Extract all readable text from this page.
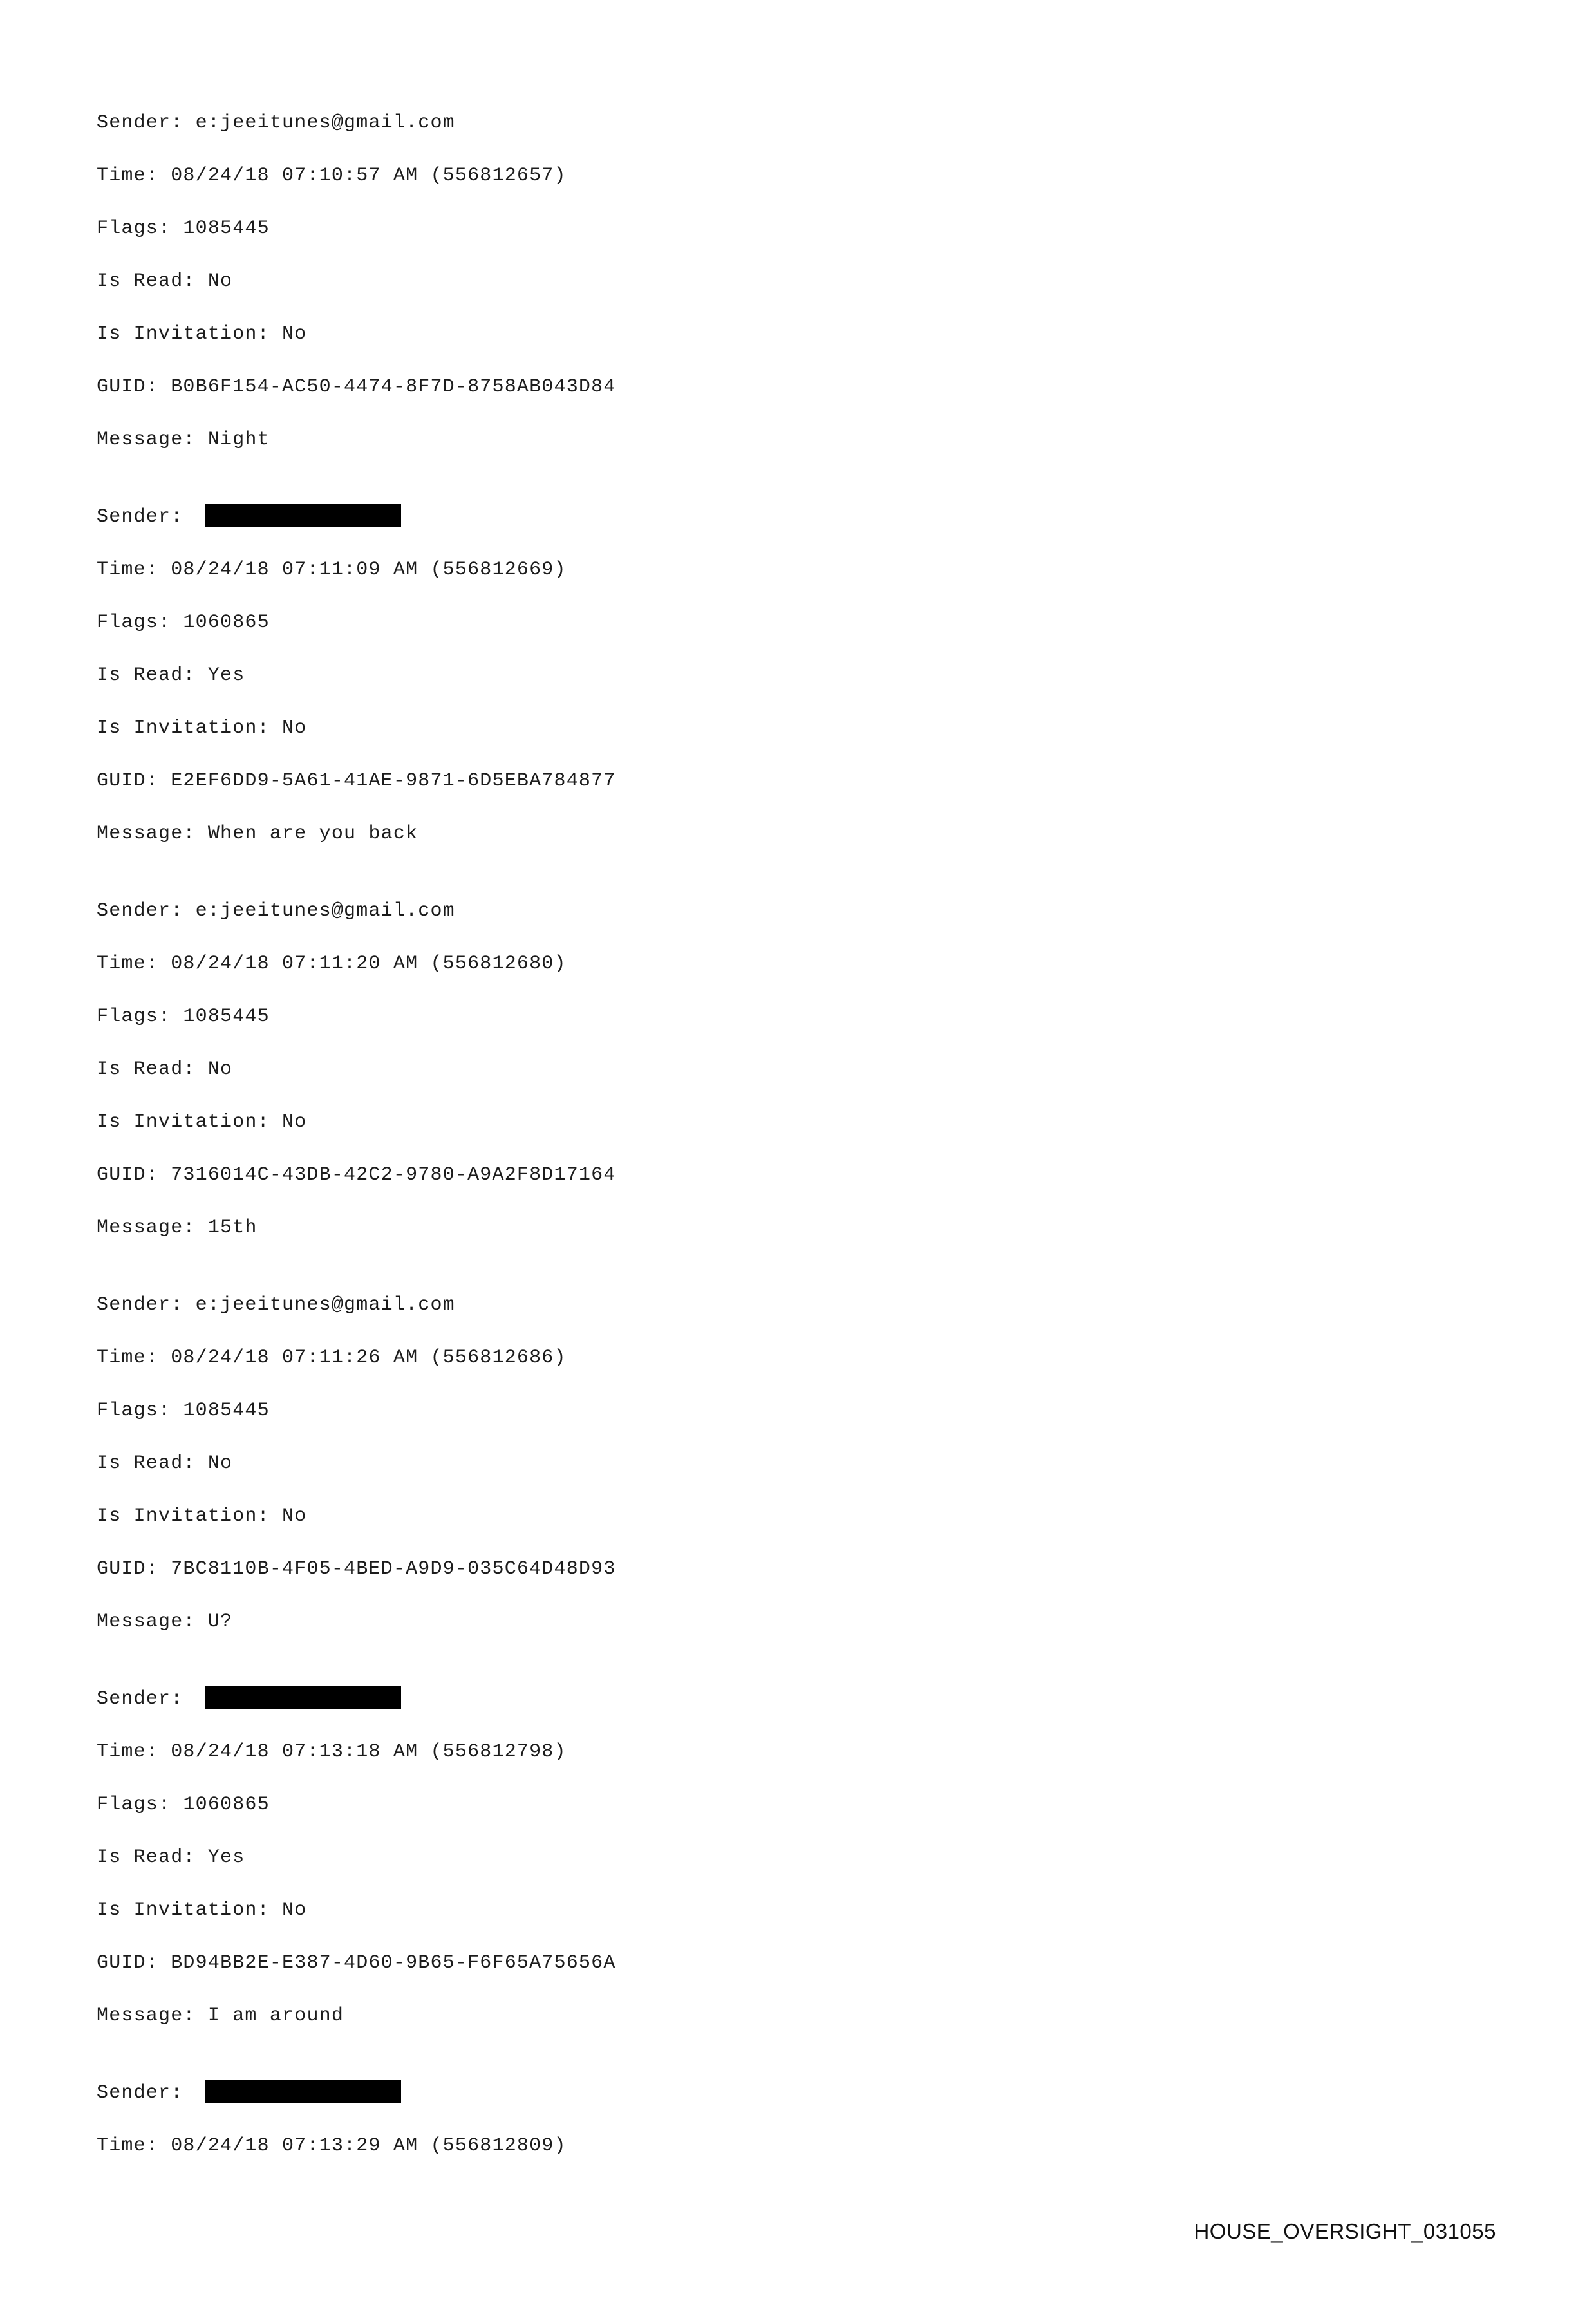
Sender: e:jeeitunes@gmail.com
Time: 08/24/18 07:10:57 AM (556812657)
Flags: 1085445
Is Read: No
Is Invitation: No
GUID: B0B6F154-AC50-4474-8F7D-8758AB043D84
Message: Night
Sender:
Time: 08/24/18 07:11:09 AM (556812669)
Flags: 1060865
Is Read: Yes
Is Invitation: No
GUID: E2EF6DD9-5A61-41AE-9871-6D5EBA784877
Message: When are you back
Sender: e:jeeitunes@gmail.com
Time: 08/24/18 07:11:20 AM (556812680)
Flags: 1085445
Is Read: No
Is Invitation: No
GUID: 7316014C-43DB-42C2-9780-A9A2F8D17164
Message: 15th
Sender: e:jeeitunes@gmail.com
Time: 08/24/18 07:11:26 AM (556812686)
Flags: 1085445
Is Read: No
Is Invitation: No
GUID: 7BC8110B-4F05-4BED-A9D9-035C64D48D93
Message: U?
Sender:
Time: 08/24/18 07:13:18 AM (556812798)
Flags: 1060865
Is Read: Yes
Is Invitation: No
GUID: BD94BB2E-E387-4D60-9B65-F6F65A75656A
Message: I am around
Sender:
Time: 08/24/18 07:13:29 AM (556812809)
HOUSE_OVERSIGHT_031055
